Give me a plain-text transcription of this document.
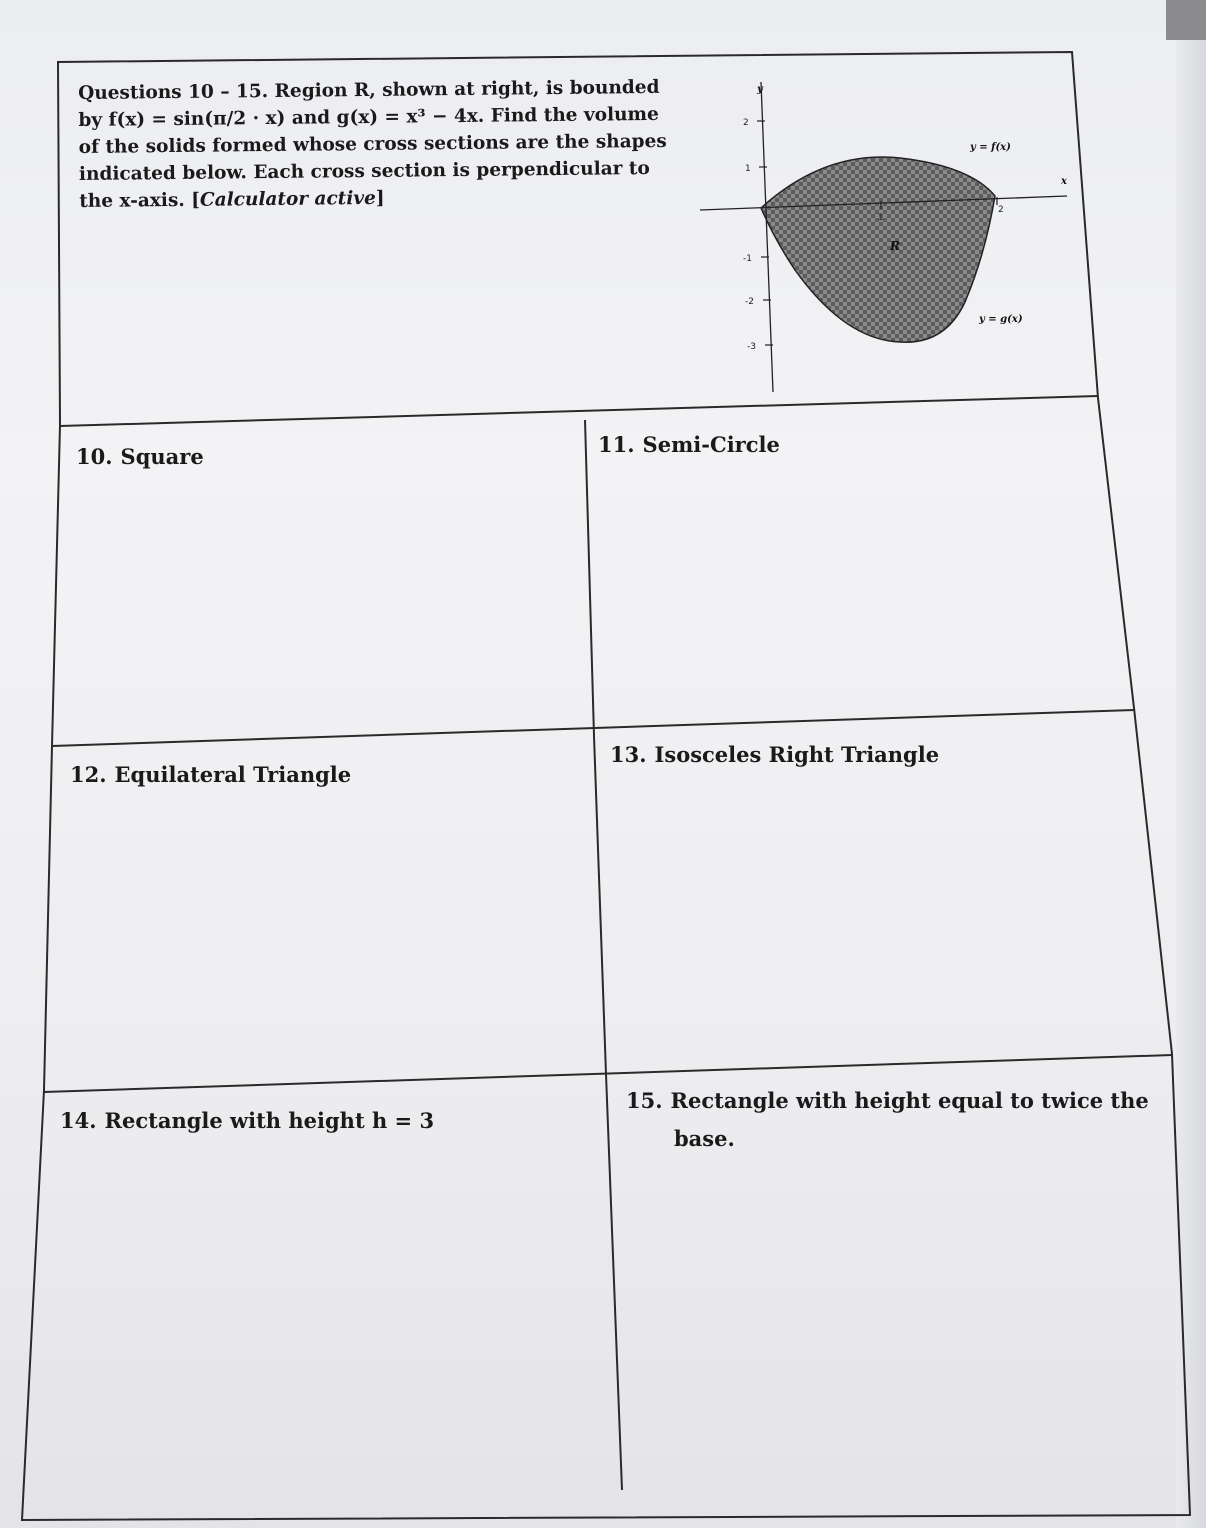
Questions 10 – 15. Region R, shown at right, is bounded
by f(x) = sin(π/2 · x) and g(x) = x³ − 4x. Find the volume
of the solids formed whose cross sections are the shapes
indicated below. Each cross section is perpendicular to
the x-axis. [Calculator active]
2
1
-1
-2
-3
1
2
y
x
R
y = f(x)
y = g(x)
10. Square	11. Semi-Circle
12. Equilateral Triangle
13. Isosceles Right Triangle
14. Rectangle with height h = 3
15. Rectangle with height equal to twice the
base.
